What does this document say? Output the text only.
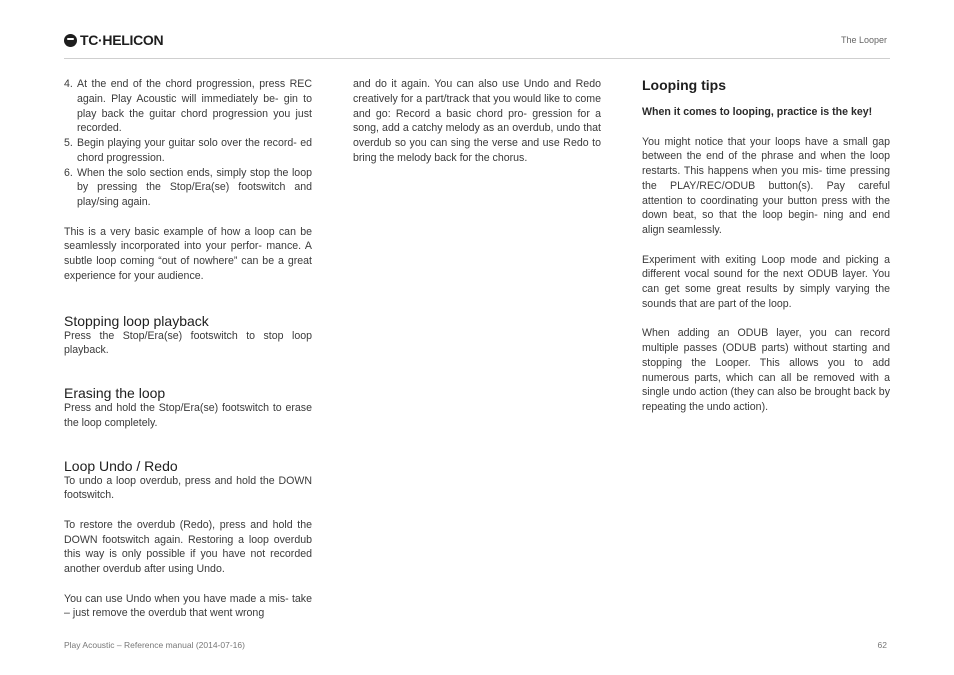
TC·HELICON	The Looper
4. At the end of the chord progression, press REC again. Play Acoustic will immediately be- gin to play back the guitar chord progression you just recorded.
5. Begin playing your guitar solo over the record- ed chord progression.
6. When the solo section ends, simply stop the loop by pressing the Stop/Era(se) footswitch and play/sing again.

This is a very basic example of how a loop can be seamlessly incorporated into your perfor- mance. A subtle loop coming “out of nowhere” can be a great experience for your audience.

Stopping loop playback

Press the Stop/Era(se) footswitch to stop loop playback.

Erasing the loop

Press and hold the Stop/Era(se) footswitch to erase the loop completely.

Loop Undo / Redo

To undo a loop overdub, press and hold the DOWN footswitch.

To restore the overdub (Redo), press and hold the DOWN footswitch again. Restoring a loop overdub this way is only possible if you have not recorded another overdub after using Undo.

You can use Undo when you have made a mis- take – just remove the overdub that went wrong

and do it again. You can also use Undo and Redo creatively for a part/track that you would like to come and go: Record a basic chord pro- gression for a song, add a catchy melody as an overdub, undo that overdub so you can sing the verse and use Redo to bring the melody back for the chorus.

Looping tips

When it comes to looping, practice is the key!

You might notice that your loops have a small gap between the end of the phrase and when the loop restarts. This happens when you mis- time pressing the PLAY/REC/ODUB button(s). Pay careful attention to coordinating your button press with the down beat, so that the loop begin- ning and end align seamlessly.

Experiment with exiting Loop mode and picking a different vocal sound for the next ODUB layer. You can get some great results by simply varying the sounds that are part of the loop.

When adding an ODUB layer, you can record multiple passes (ODUB parts) without starting and stopping the Looper. This allows you to add numerous parts, which can all be removed with a single undo action (they can also be brought back by repeating the undo action).

Play Acoustic – Reference manual (2014-07-16)	62
